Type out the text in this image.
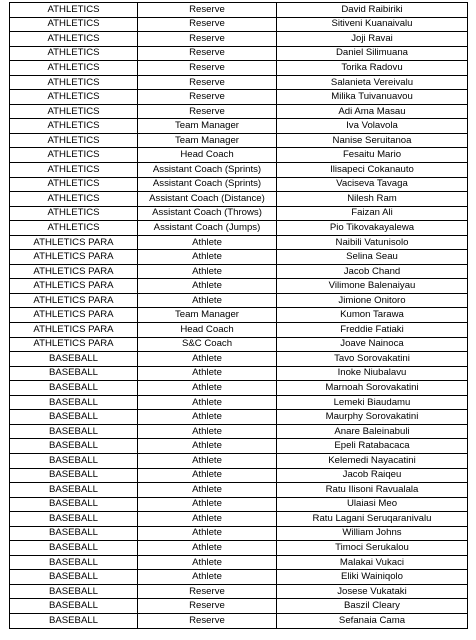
ATHLETICS	Reserve	David Raibiriki
ATHLETICS	Reserve	Sitiveni Kuanaivalu
ATHLETICS	Reserve	Joji Ravai
ATHLETICS	Reserve	Daniel Silimuana
ATHLETICS	Reserve	Torika Radovu
ATHLETICS	Reserve	Salanieta Vereivalu
ATHLETICS	Reserve	Milika Tuivanuavou
ATHLETICS	Reserve	Adi Ama Masau
ATHLETICS	Team Manager	Iva Volavola
ATHLETICS	Team Manager	Nanise Seruitanoa
ATHLETICS	Head Coach	Fesaitu Mario
ATHLETICS	Assistant Coach (Sprints)	Ilisapeci Cokanauto
ATHLETICS	Assistant Coach (Sprints)	Vaciseva Tavaga
ATHLETICS	Assistant Coach (Distance)	Nilesh Ram
ATHLETICS	Assistant Coach (Throws)	Faizan Ali
ATHLETICS	Assistant Coach (Jumps)	Pio Tikovakayalewa
ATHLETICS PARA	Athlete	Naibili Vatunisolo
ATHLETICS PARA	Athlete	Selina Seau
ATHLETICS PARA	Athlete	Jacob Chand
ATHLETICS PARA	Athlete	Vilimone Balenaiyau
ATHLETICS PARA	Athlete	Jimione Onitoro
ATHLETICS PARA	Team Manager	Kumon Tarawa
ATHLETICS PARA	Head Coach	Freddie Fatiaki
ATHLETICS PARA	S&C Coach	Joave Nainoca
BASEBALL	Athlete	Tavo Sorovakatini
BASEBALL	Athlete	Inoke Niubalavu
BASEBALL	Athlete	Marnoah Sorovakatini
BASEBALL	Athlete	Lemeki Biaudamu
BASEBALL	Athlete	Maurphy Sorovakatini
BASEBALL	Athlete	Anare Baleinabuli
BASEBALL	Athlete	Epeli Ratabacaca
BASEBALL	Athlete	Kelemedi Nayacatini
BASEBALL	Athlete	Jacob Raiqeu
BASEBALL	Athlete	Ratu Ilisoni Ravualala
BASEBALL	Athlete	Ulaiasi Meo
BASEBALL	Athlete	Ratu Lagani Seruqaranivalu
BASEBALL	Athlete	William Johns
BASEBALL	Athlete	Timoci Serukalou
BASEBALL	Athlete	Malakai Vukaci
BASEBALL	Athlete	Eliki Wainiqolo
BASEBALL	Reserve	Josese Vukataki
BASEBALL	Reserve	Baszil Cleary
BASEBALL	Reserve	Sefanaia Cama
